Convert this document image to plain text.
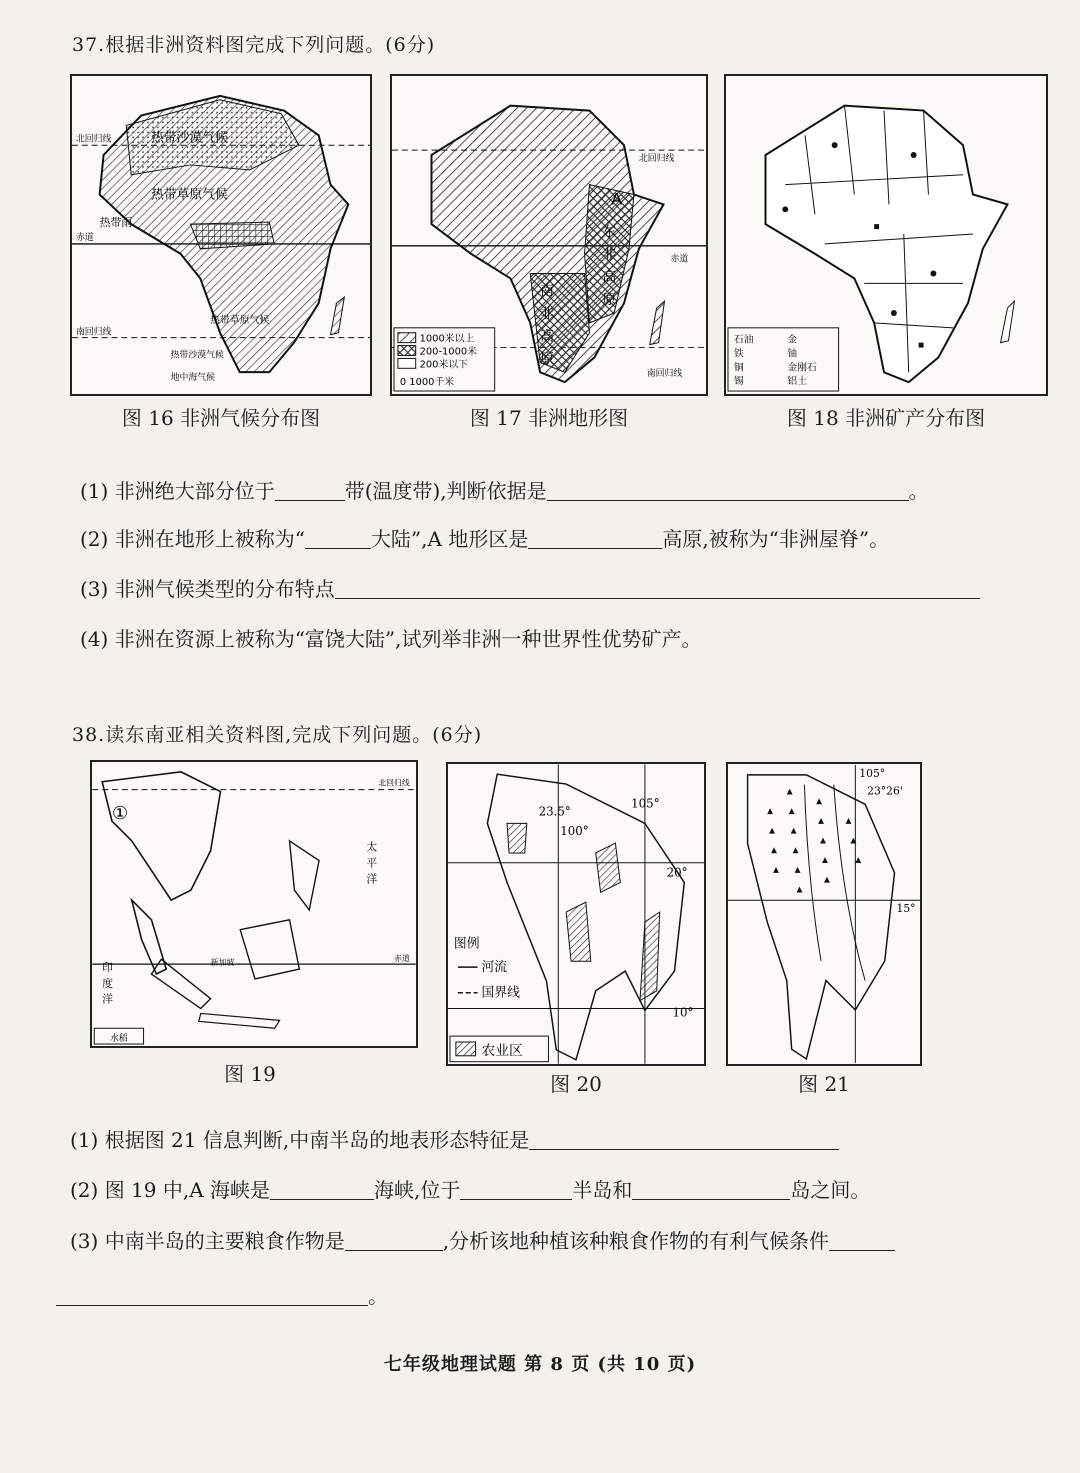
37.根据非洲资料图完成下列问题。(6分)
热带沙漠气候
热带草原气候
热带雨
赤道
南回归线
热带沙漠气候
地中海气候
热带草原气候
北回归线
图 16 非洲气候分布图
北回归线
A
东
非
高
原
赤道
南
非
高
原
南回归线
1000米以上
200-1000米
200米以下
0 1000千米
图 17 非洲地形图
石油	金
铁	铀
铜	金刚石
锡	铝土
图 18 非洲矿产分布图
(1) 非洲绝大部分位于	带(温度带),判断依据是	。
(2) 非洲在地形上被称为“	大陆”,A 地形区是	高原,被称为“非洲屋脊”。
(3) 非洲气候类型的分布特点
(4) 非洲在资源上被称为“富饶大陆”,试列举非洲一种世界性优势矿产。
38.读东南亚相关资料图,完成下列问题。(6分)
①
北回归线
太
平
洋
新加坡	赤道
印
度
洋
水稻
图 19
23.5°
105°
100°
20°
10°
图例
河流
国界线
农业区
图 20
105°
23°26'
15°
图 21
(1) 根据图 21 信息判断,中南半岛的地表形态特征是
(2) 图 19 中,A 海峡是	海峡,位于	半岛和	岛之间。
(3) 中南半岛的主要粮食作物是	,分析该地种植该种粮食作物的有利气候条件
。
七年级地理试题 第 8 页 (共 10 页)
